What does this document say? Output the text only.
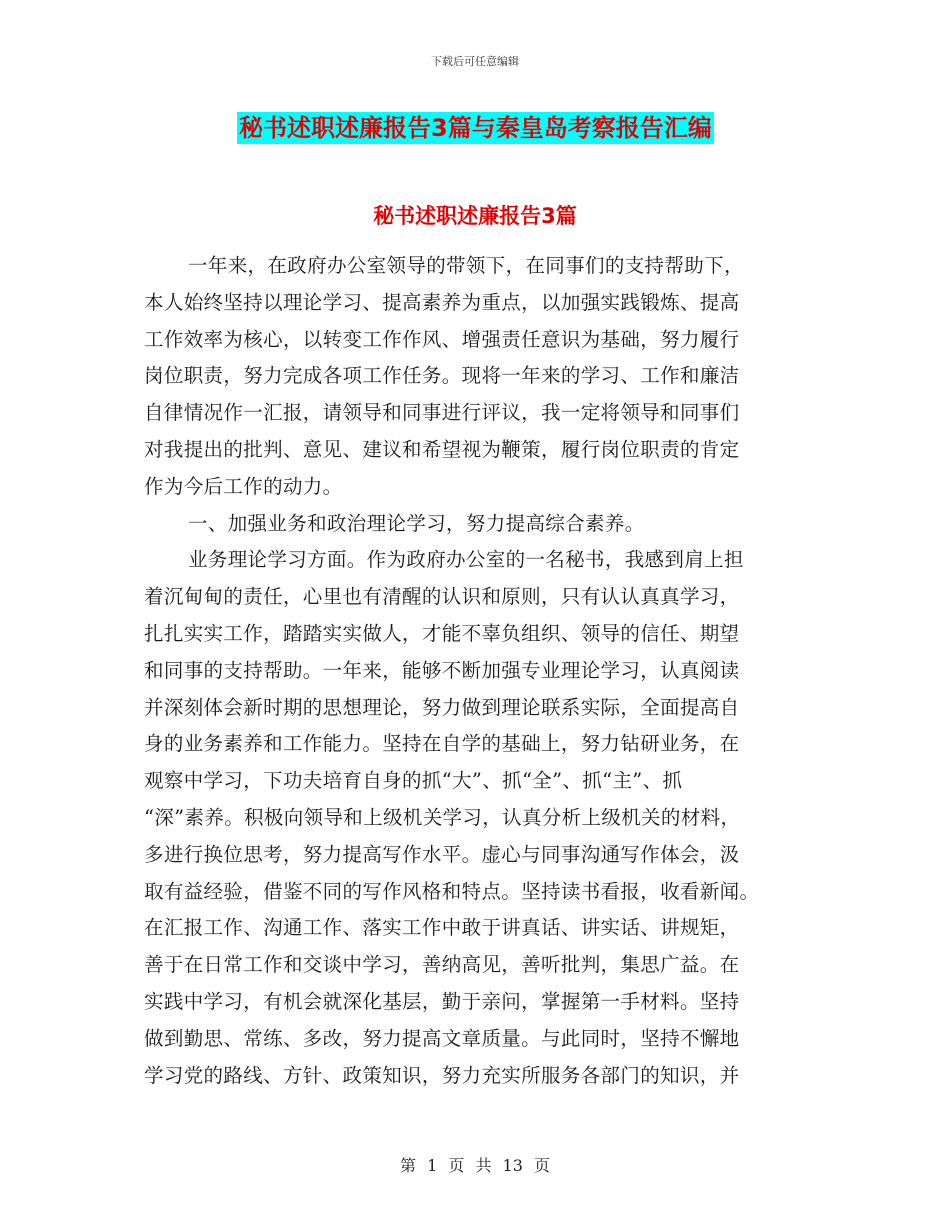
下载后可任意编辑
秘书述职述廉报告3篇与秦皇岛考察报告汇编
秘书述职述廉报告3篇
一年来，在政府办公室领导的带领下，在同事们的支持帮助下，
本人始终坚持以理论学习、提高素养为重点，以加强实践锻炼、提高
工作效率为核心，以转变工作作风、增强责任意识为基础，努力履行
岗位职责，努力完成各项工作任务。现将一年来的学习、工作和廉洁
自律情况作一汇报，请领导和同事进行评议，我一定将领导和同事们
对我提出的批判、意见、建议和希望视为鞭策，履行岗位职责的肯定
作为今后工作的动力。
一、加强业务和政治理论学习，努力提高综合素养。
业务理论学习方面。作为政府办公室的一名秘书，我感到肩上担
着沉甸甸的责任，心里也有清醒的认识和原则，只有认认真真学习，
扎扎实实工作，踏踏实实做人，才能不辜负组织、领导的信任、期望
和同事的支持帮助。一年来，能够不断加强专业理论学习，认真阅读
并深刻体会新时期的思想理论，努力做到理论联系实际，全面提高自
身的业务素养和工作能力。坚持在自学的基础上，努力钻研业务，在
观察中学习，下功夫培育自身的抓“大”、抓“全”、抓“主”、抓
“深”素养。积极向领导和上级机关学习，认真分析上级机关的材料，
多进行换位思考，努力提高写作水平。虚心与同事沟通写作体会，汲
取有益经验，借鉴不同的写作风格和特点。坚持读书看报，收看新闻。
在汇报工作、沟通工作、落实工作中敢于讲真话、讲实话、讲规矩，
善于在日常工作和交谈中学习，善纳高见，善听批判，集思广益。在
实践中学习，有机会就深化基层，勤于亲问，掌握第一手材料。坚持
做到勤思、常练、多改，努力提高文章质量。与此同时，坚持不懈地
学习党的路线、方针、政策知识，努力充实所服务各部门的知识，并
第 1 页 共 13 页
